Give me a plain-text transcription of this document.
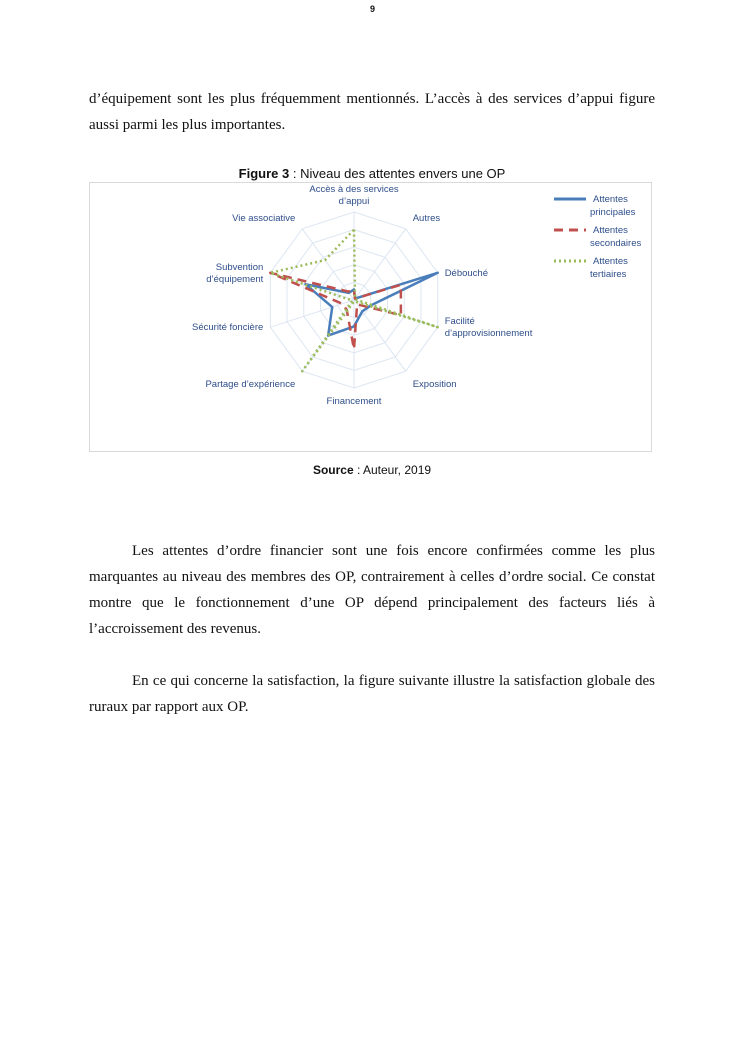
9

d’équipement sont les plus fréquemment mentionnés. L’accès à des services d’appui figure aussi parmi les plus importantes.

Figure 3 : Niveau des attentes envers une OP
Accès à des services d’appui
Autres
Débouché
Facilité d’approvisionnement
Exposition
Financement
Partage d’expérience
Sécurité foncière
Subvention d’équipement
Vie associative
Attentes principales
Attentes secondaires
Attentes tertiaires
Source : Auteur, 2019

Les attentes d’ordre financier sont une fois encore confirmées comme les plus marquantes au niveau des membres des OP, contrairement à celles d’ordre social. Ce constat montre que le fonctionnement d’une OP dépend principalement des facteurs liés à l’accroissement des revenus.

En ce qui concerne la satisfaction, la figure suivante illustre la satisfaction globale des ruraux par rapport aux OP.
